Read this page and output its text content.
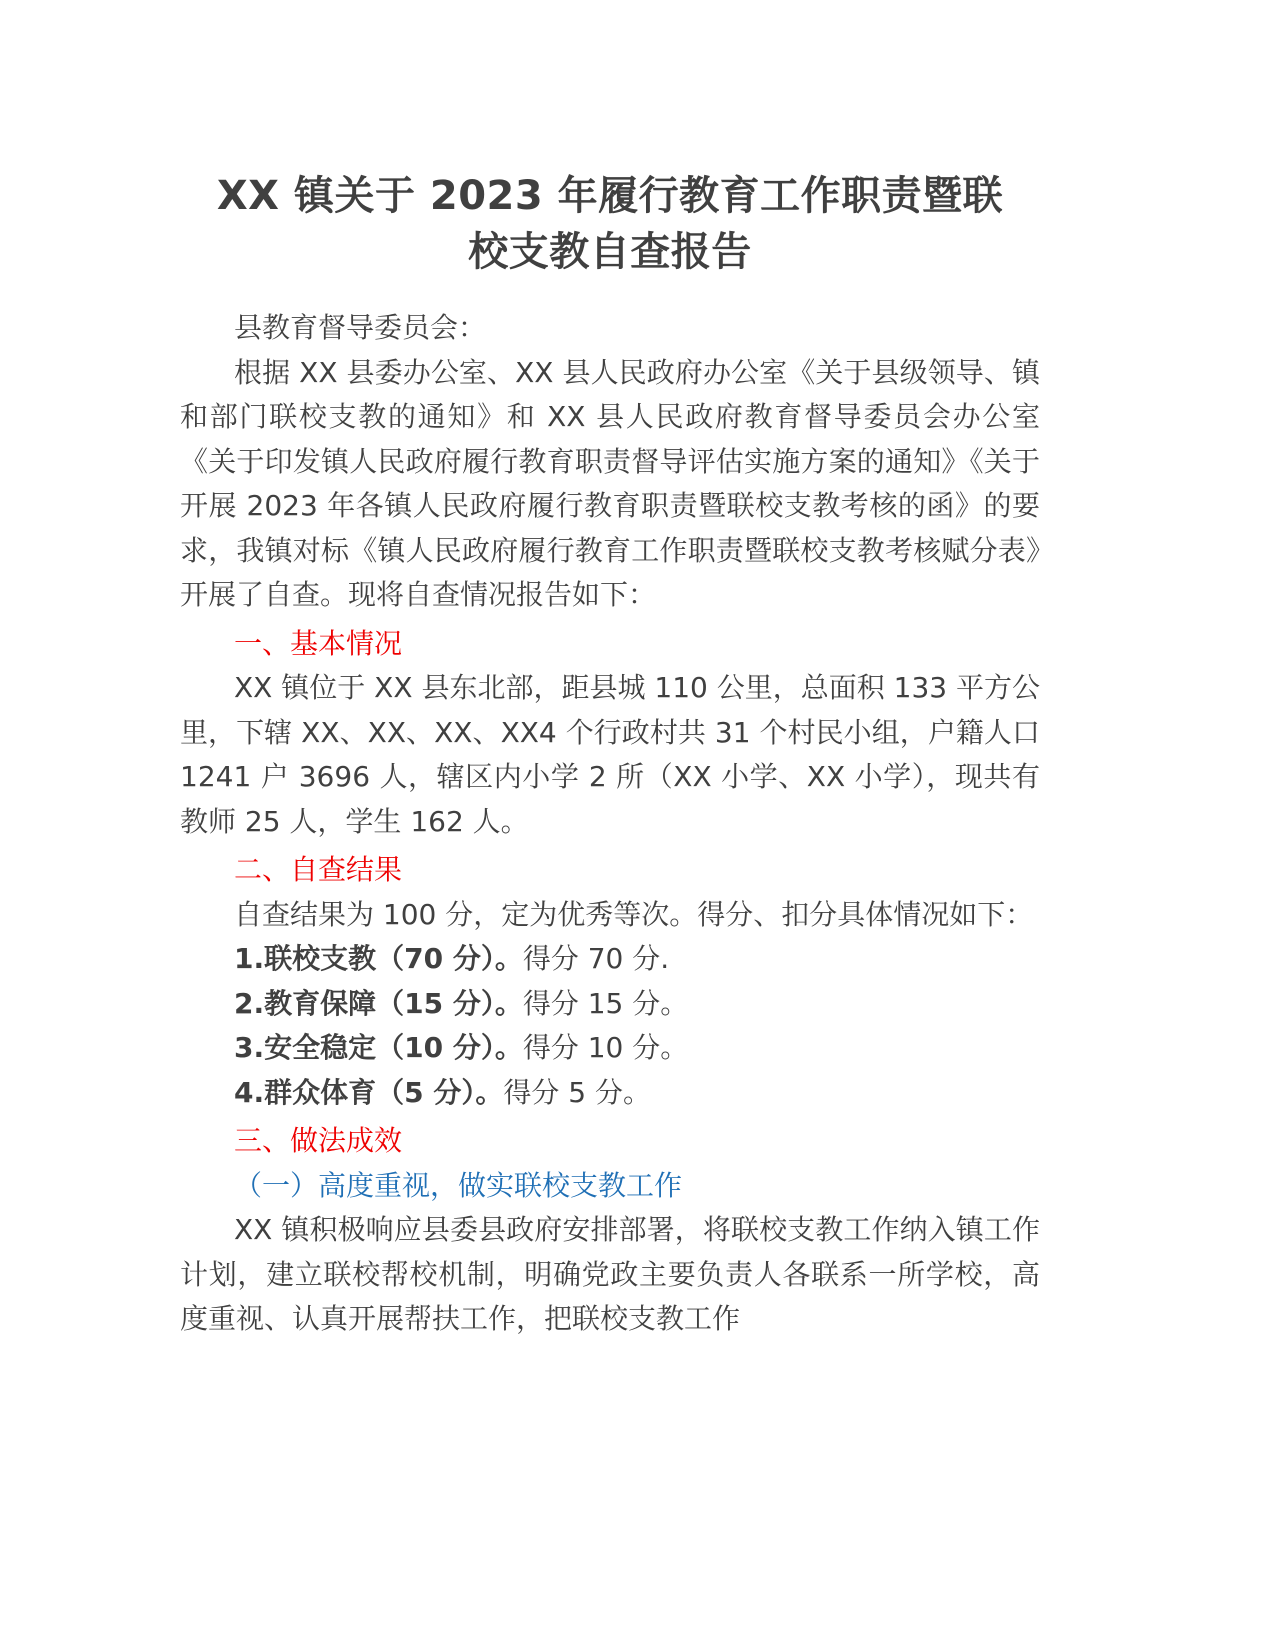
XX 镇关于 2023 年履行教育工作职责暨联
校支教自查报告

县教育督导委员会：

根据 XX 县委办公室、XX 县人民政府办公室《关于县级领导、镇和部门联校支教的通知》和 XX 县人民政府教育督导委员会办公室《关于印发镇人民政府履行教育职责督导评估实施方案的通知》《关于开展 2023 年各镇人民政府履行教育职责暨联校支教考核的函》的要求，我镇对标《镇人民政府履行教育工作职责暨联校支教考核赋分表》开展了自查。现将自查情况报告如下：

一、基本情况

XX 镇位于 XX 县东北部，距县城 110 公里，总面积 133 平方公里，下辖 XX、XX、XX、XX4 个行政村共 31 个村民小组，户籍人口 1241 户 3696 人，辖区内小学 2 所（XX 小学、XX 小学），现共有教师 25 人，学生 162 人。

二、自查结果

自查结果为 100 分，定为优秀等次。得分、扣分具体情况如下：

1.联校支教（70 分）。得分 70 分.

2.教育保障（15 分）。得分 15 分。

3.安全稳定（10 分）。得分 10 分。

4.群众体育（5 分）。得分 5 分。

三、做法成效

（一）高度重视，做实联校支教工作

XX 镇积极响应县委县政府安排部署，将联校支教工作纳入镇工作计划，建立联校帮校机制，明确党政主要负责人各联系一所学校，高度重视、认真开展帮扶工作，把联校支教工作
